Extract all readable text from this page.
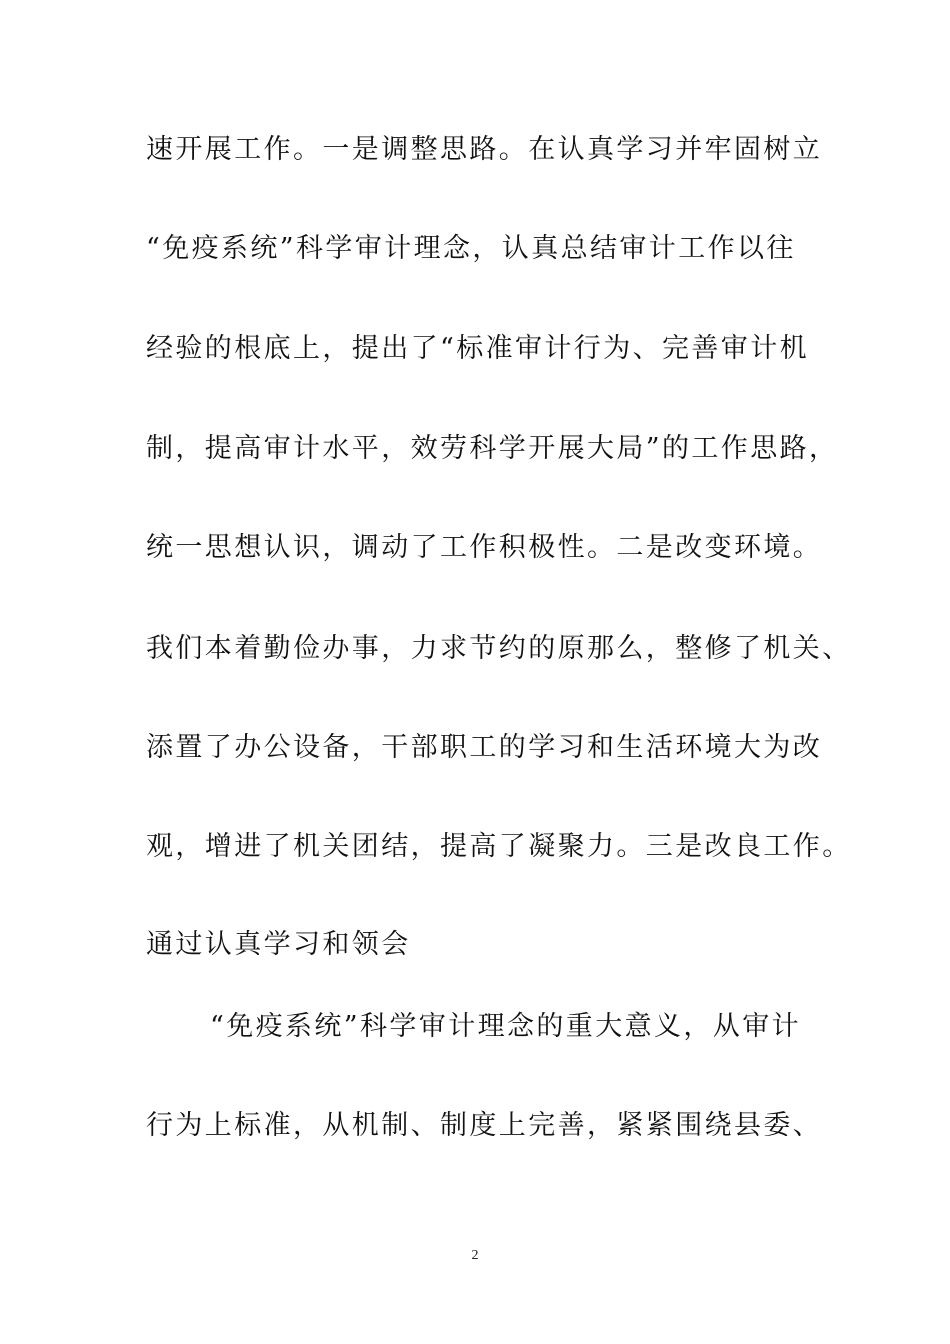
速开展工作。一是调整思路。在认真学习并牢固树立

“免疫系统”科学审计理念，认真总结审计工作以往

经验的根底上，提出了“标准审计行为、完善审计机

制，提高审计水平，效劳科学开展大局”的工作思路，

统一思想认识，调动了工作积极性。二是改变环境。

我们本着勤俭办事，力求节约的原那么，整修了机关、

添置了办公设备，干部职工的学习和生活环境大为改

观，增进了机关团结，提高了凝聚力。三是改良工作。

通过认真学习和领会

“免疫系统”科学审计理念的重大意义，从审计

行为上标准，从机制、制度上完善，紧紧围绕县委、

2
